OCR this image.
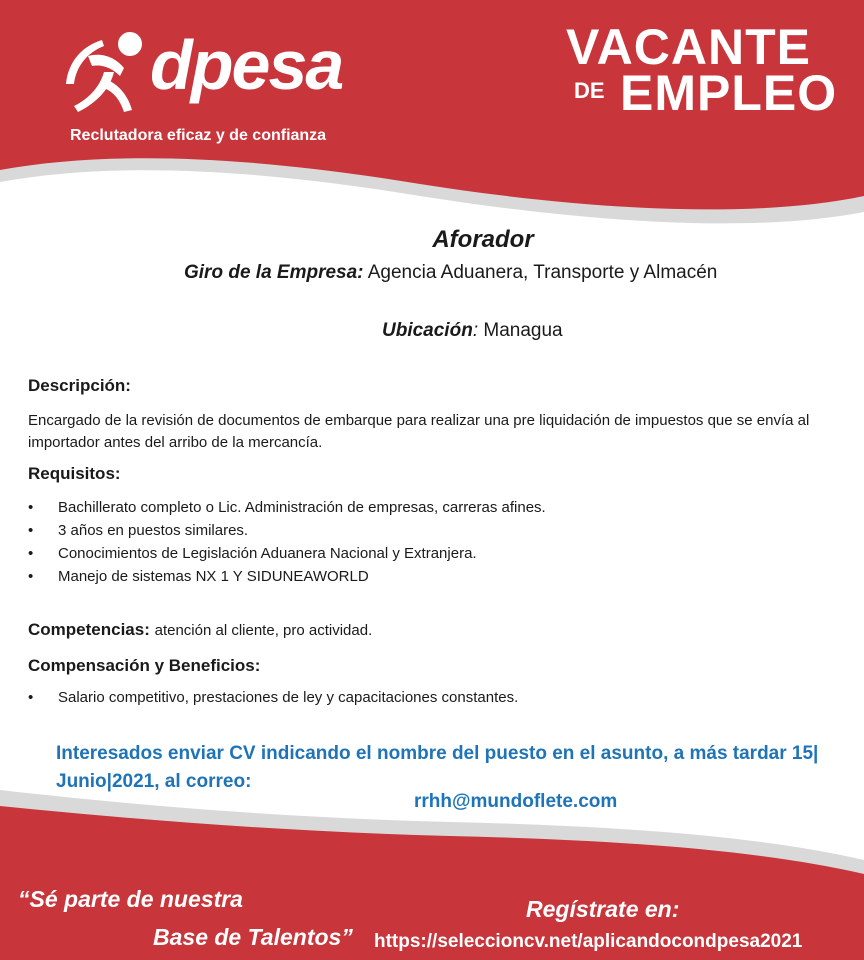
dpesa
Reclutadora eficaz y de confianza
VACANTE
DE EMPLEO
Aforador
Giro de la Empresa: Agencia Aduanera, Transporte y Almacén
Ubicación: Managua
Descripción:
Encargado de la revisión de documentos de embarque para realizar una pre liquidación de impuestos que se envía al importador antes del arribo de la mercancía.
Requisitos:
• Bachillerato completo o Lic. Administración de empresas, carreras afines.
• 3 años en puestos similares.
• Conocimientos de Legislación Aduanera Nacional y Extranjera.
• Manejo de sistemas NX 1 Y SIDUNEAWORLD
Competencias: atención al cliente, pro actividad.
Compensación y Beneficios:
• Salario competitivo, prestaciones de ley y capacitaciones constantes.
Interesados enviar CV indicando el nombre del puesto en el asunto, a más tardar 15| Junio|2021, al correo:
rrhh@mundoflete.com
“Sé parte de nuestra
Base de Talentos”
Regístrate en:
https://seleccioncv.net/aplicandocondpesa2021
